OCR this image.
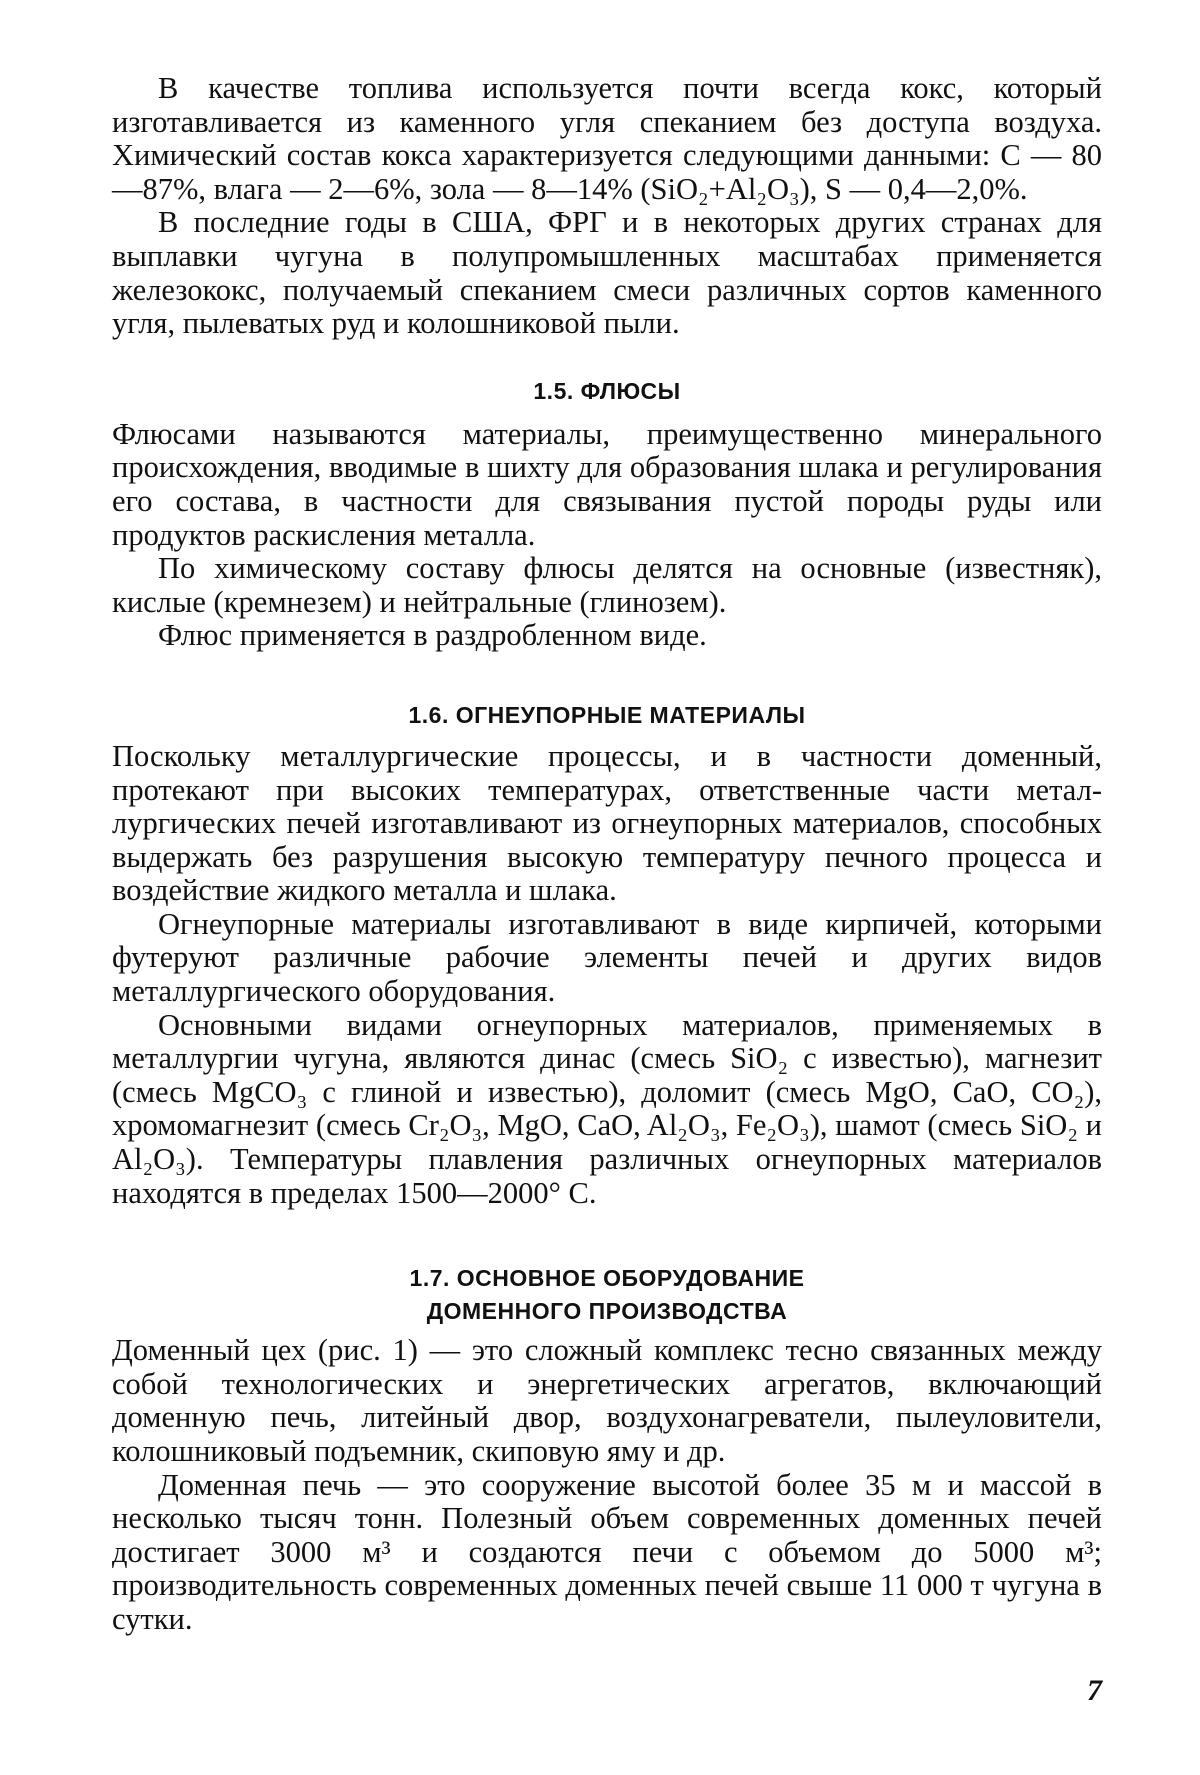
В качестве топлива используется почти всегда кокс, который изготавливается из каменного угля спеканием без доступа воздуха. Химический состав кокса характеризуется следующими данными: C — 80—87%, влага — 2—6%, зола — 8—14% (SiO₂+Al₂O₃), S — 0,4—2,0%.

В последние годы в США, ФРГ и в некоторых других странах для выплавки чугуна в полупромышленных масштабах применяется железококс, получаемый спеканием смеси различных сортов каменного угля, пылеватых руд и колошниковой пыли.

1.5. ФЛЮСЫ

Флюсами называются материалы, преимущественно минерального происхождения, вводимые в шихту для образования шлака и регулирования его состава, в частности для связывания пустой породы руды или продуктов раскисления металла.

По химическому составу флюсы делятся на основные (известняк), кислые (кремнезем) и нейтральные (глинозем).

Флюс применяется в раздробленном виде.

1.6. ОГНЕУПОРНЫЕ МАТЕРИАЛЫ

Поскольку металлургические процессы, и в частности доменный, протекают при высоких температурах, ответственные части металлургических печей изготавливают из огнеупорных материалов, способных выдержать без разрушения высокую температуру печного процесса и воздействие жидкого металла и шлака.

Огнеупорные материалы изготавливают в виде кирпичей, которыми футеруют различные рабочие элементы печей и других видов металлургического оборудования.

Основными видами огнеупорных материалов, применяемых в металлургии чугуна, являются динас (смесь SiO₂ с известью), магнезит (смесь MgCO₃ с глиной и известью), доломит (смесь MgO, CaO, CO₂), хромомагнезит (смесь Cr₂O₃, MgO, CaO, Al₂O₃, Fe₂O₃), шамот (смесь SiO₂ и Al₂O₃). Температуры плавления различных огнеупорных материалов находятся в пределах 1500—2000° C.

1.7. ОСНОВНОЕ ОБОРУДОВАНИЕ
ДОМЕННОГО ПРОИЗВОДСТВА

Доменный цех (рис. 1) — это сложный комплекс тесно связанных между собой технологических и энергетических агрегатов, включающий доменную печь, литейный двор, воздухонагреватели, пылеуловители, колошниковый подъемник, скиповую яму и др.

Доменная печь — это сооружение высотой более 35 м и массой в несколько тысяч тонн. Полезный объем современных доменных печей достигает 3000 м³ и создаются печи с объемом до 5000 м³; производительность современных доменных печей свыше 11 000 т чугуна в сутки.

7
